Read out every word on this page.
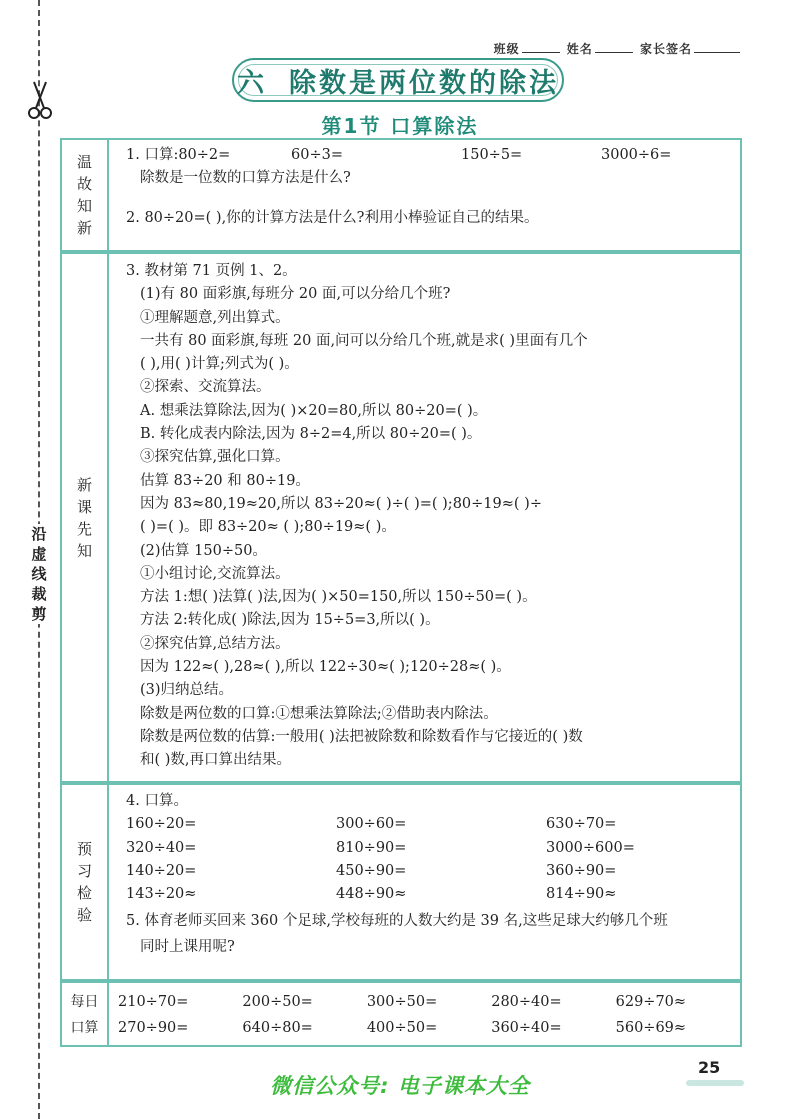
沿虚线裁剪
班级	姓名	家长签名
六 除数是两位数的除法
第1节 口算除法
温故知新
1. 口算:80÷2=	60÷3=	150÷5=	3000÷6=
除数是一位数的口算方法是什么?
2. 80÷20=( ),你的计算方法是什么?利用小棒验证自己的结果。
新课先知
3. 教材第 71 页例 1、2。
(1)有 80 面彩旗,每班分 20 面,可以分给几个班?
①理解题意,列出算式。
一共有 80 面彩旗,每班 20 面,问可以分给几个班,就是求( )里面有几个
( ),用( )计算;列式为( )。
②探索、交流算法。
A. 想乘法算除法,因为( )×20=80,所以 80÷20=( )。
B. 转化成表内除法,因为 8÷2=4,所以 80÷20=( )。
③探究估算,强化口算。
估算 83÷20 和 80÷19。
因为 83≈80,19≈20,所以 83÷20≈( )÷( )=( );80÷19≈( )÷
( )=( )。即 83÷20≈ ( );80÷19≈( )。
(2)估算 150÷50。
①小组讨论,交流算法。
方法 1:想( )法算( )法,因为( )×50=150,所以 150÷50=( )。
方法 2:转化成( )除法,因为 15÷5=3,所以( )。
②探究估算,总结方法。
因为 122≈( ),28≈( ),所以 122÷30≈( );120÷28≈( )。
(3)归纳总结。
除数是两位数的口算:①想乘法算除法;②借助表内除法。
除数是两位数的估算:一般用( )法把被除数和除数看作与它接近的( )数
和( )数,再口算出结果。
预习检验
4. 口算。
160÷20=	300÷60=	630÷70=
320÷40=	810÷90=	3000÷600=
140÷20=	450÷90=	360÷90=
143÷20≈	448÷90≈	814÷90≈
5. 体育老师买回来 360 个足球,学校每班的人数大约是 39 名,这些足球大约够几个班
同时上课用呢?
每日
口算
210÷70=	200÷50=	300÷50=	280÷40=	629÷70≈
270÷90=	640÷80=	400÷50=	360÷40=	560÷69≈
25
微信公众号: 电子课本大全
